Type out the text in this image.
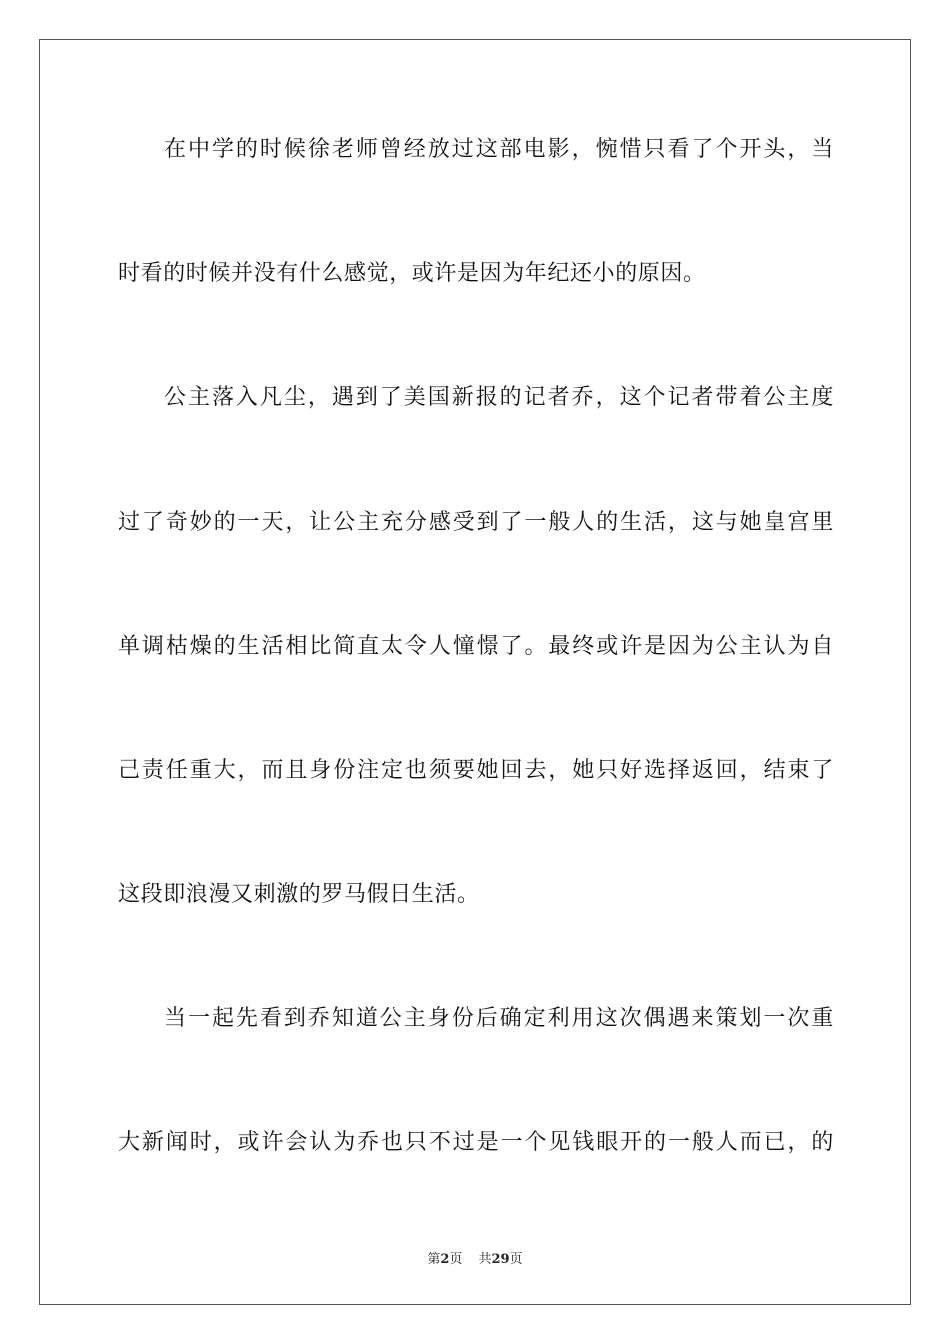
在中学的时候徐老师曾经放过这部电影，惋惜只看了个开头，当
时看的时候并没有什么感觉，或许是因为年纪还小的原因。
公主落入凡尘，遇到了美国新报的记者乔，这个记者带着公主度
过了奇妙的一天，让公主充分感受到了一般人的生活，这与她皇宫里
单调枯燥的生活相比简直太令人憧憬了。最终或许是因为公主认为自
己责任重大，而且身份注定也须要她回去，她只好选择返回，结束了
这段即浪漫又刺激的罗马假日生活。
当一起先看到乔知道公主身份后确定利用这次偶遇来策划一次重
大新闻时，或许会认为乔也只不过是一个见钱眼开的一般人而已，的
第2页 共29页
